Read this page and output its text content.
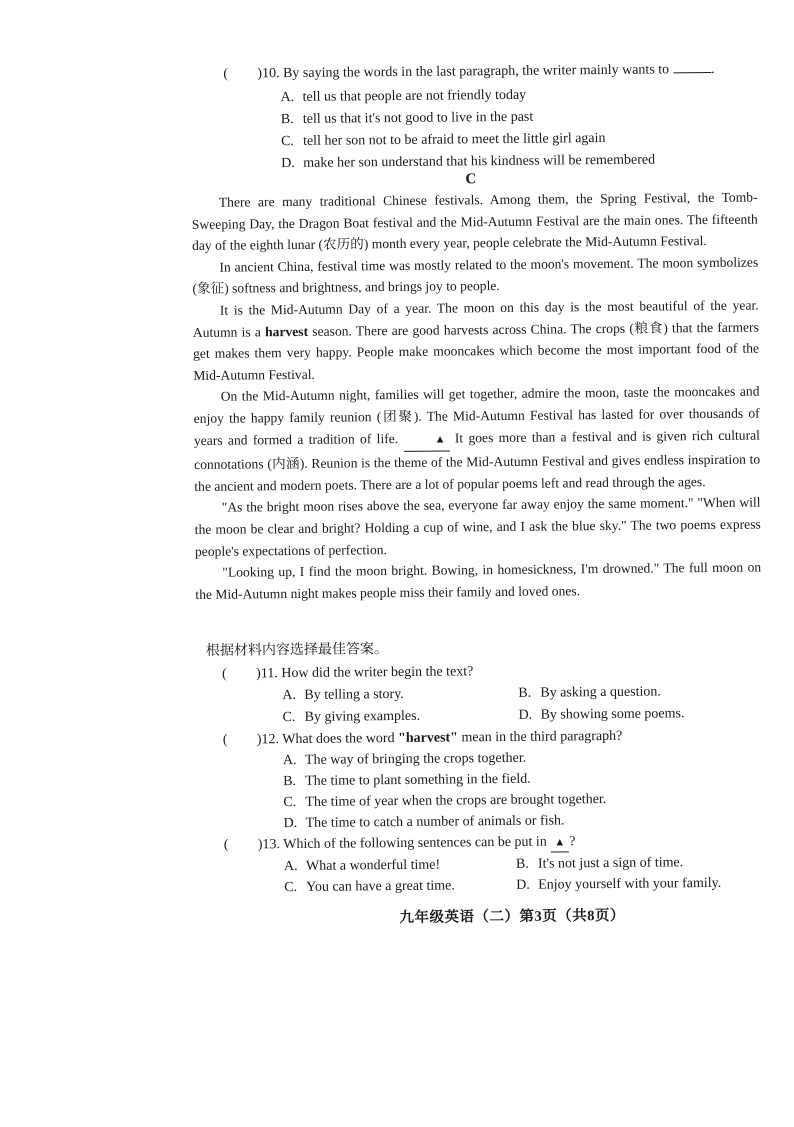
( )10. By saying the words in the last paragraph, the writer mainly wants to	.
A. tell us that people are not friendly today
B. tell us that it's not good to live in the past
C. tell her son not to be afraid to meet the little girl again
D. make her son understand that his kindness will be remembered
C

There are many traditional Chinese festivals. Among them, the Spring Festival, the Tomb-Sweeping Day, the Dragon Boat festival and the Mid-Autumn Festival are the main ones. The fifteenth day of the eighth lunar (农历的) month every year, people celebrate the Mid-Autumn Festival.

In ancient China, festival time was mostly related to the moon's movement. The moon symbolizes (象征) softness and brightness, and brings joy to people.

It is the Mid-Autumn Day of a year. The moon on this day is the most beautiful of the year. Autumn is a harvest season. There are good harvests across China. The crops (粮食) that the farmers get makes them very happy. People make mooncakes which become the most important food of the Mid-Autumn Festival.

On the Mid-Autumn night, families will get together, admire the moon, taste the mooncakes and enjoy the happy family reunion (团聚). The Mid-Autumn Festival has lasted for over thousands of years and formed a tradition of life.	▲ It goes more than a festival and is given rich cultural connotations (内涵). Reunion is the theme of the Mid-Autumn Festival and gives endless inspiration to the ancient and modern poets. There are a lot of popular poems left and read through the ages.

"As the bright moon rises above the sea, everyone far away enjoy the same moment." "When will the moon be clear and bright? Holding a cup of wine, and I ask the blue sky." The two poems express people's expectations of perfection.

"Looking up, I find the moon bright. Bowing, in homesickness, I'm drowned." The full moon on the Mid-Autumn night makes people miss their family and loved ones.

根据材料内容选择最佳答案。
( )11. How did the writer begin the text?
A. By telling a story.	B. By asking a question.
C. By giving examples.	D. By showing some poems.
( )12. What does the word "harvest" mean in the third paragraph?
A. The way of bringing the crops together.
B. The time to plant something in the field.
C. The time of year when the crops are brought together.
D. The time to catch a number of animals or fish.
( )13. Which of the following sentences can be put in ▲ ?
A. What a wonderful time!	B. It's not just a sign of time.
C. You can have a great time.	D. Enjoy yourself with your family.
九年级英语（二）第3页（共8页）
